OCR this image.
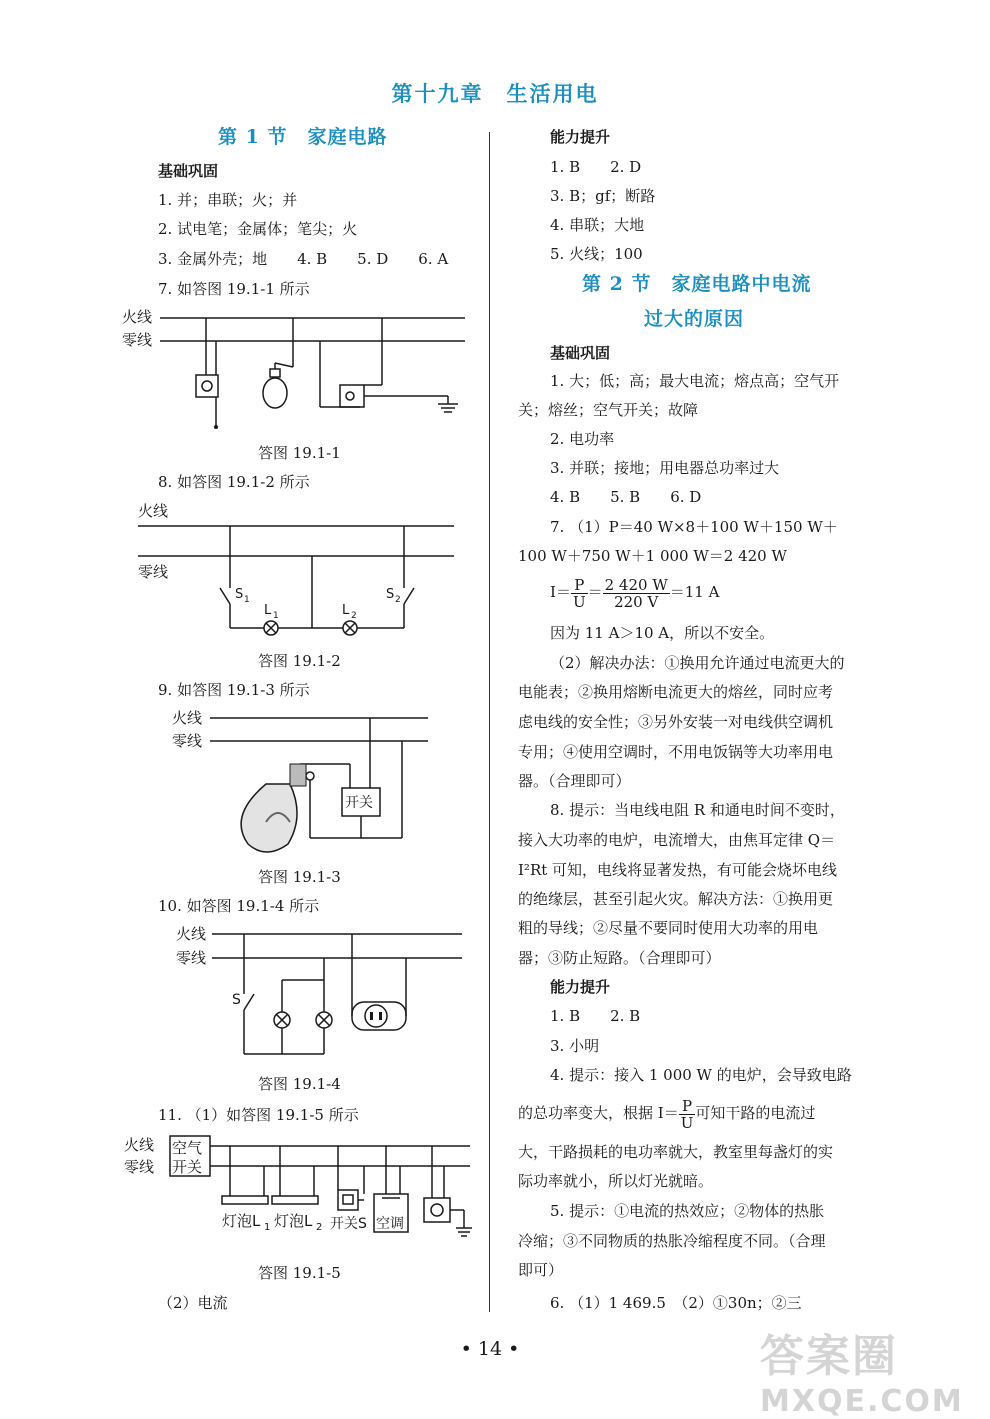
第十九章　生活用电
第 1 节　家庭电路
基础巩固
1. 并；串联；火；并
2. 试电笔；金属体；笔尖；火
3. 金属外壳；地　　4. B　　5. D　　6. A
7. 如答图 19.1-1 所示
火线
零线
答图 19.1-1
8. 如答图 19.1-2 所示
火线
零线
S 1
L 1	L 2
S 2
答图 19.1-2
9. 如答图 19.1-3 所示
火线
零线
开关
答图 19.1-3
10. 如答图 19.1-4 所示
火线
零线
S
答图 19.1-4
11. （1）如答图 19.1-5 所示
火线
零线
空气
开关
灯泡L 1 灯泡L 2 开关S 空调
答图 19.1-5
（2）电流
能力提升
1. B　　2. D
3. B；gf；断路
4. 串联；大地
5. 火线；100
第 2 节　家庭电路中电流
过大的原因
基础巩固
1. 大；低；高；最大电流；熔点高；空气开
关；熔丝；空气开关；故障
2. 电功率
3. 并联；接地；用电器总功率过大
4. B　　5. B　　6. D
7. （1）P＝40 W×8＋100 W＋150 W＋
100 W＋750 W＋1 000 W＝2 420 W
$I= \frac{P}{U} = \frac{2 420 W}{220 V} =11$ A
因为 11 A＞10 A，所以不安全。
（2）解决办法：①换用允许通过电流更大的
电能表；②换用熔断电流更大的熔丝，同时应考
虑电线的安全性；③另外安装一对电线供空调机
专用；④使用空调时，不用电饭锅等大功率用电
器。（合理即可）
8. 提示：当电线电阻 R 和通电时间不变时，
接入大功率的电炉，电流增大，由焦耳定律 Q＝
I²Rt 可知，电线将显著发热，有可能会烧坏电线
的绝缘层，甚至引起火灾。解决方法：①换用更
粗的导线；②尽量不要同时使用大功率的用电
器；③防止短路。（合理即可）
能力提升
1. B　　2. B
3. 小明
4. 提示：接入 1 000 W 的电炉，会导致电路
的总功率变大，根据 $I= \frac{P}{U}$ 可知干路的电流过
大，干路损耗的电功率就大，教室里每盏灯的实
际功率就小，所以灯光就暗。
5. 提示：①电流的热效应；②物体的热胀
冷缩；③不同物质的热胀冷缩程度不同。（合理
即可）
6. （1）1 469.5　（2）①30n；②三
• 14 •	答案圈
MXQE.COM
